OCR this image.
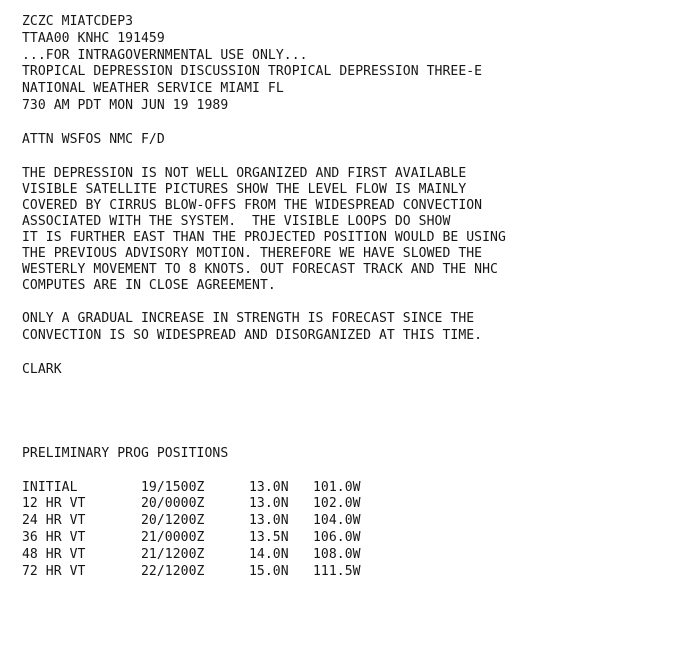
ZCZC MIATCDEP3
TTAA00 KNHC 191459
...FOR INTRAGOVERNMENTAL USE ONLY...
TROPICAL DEPRESSION DISCUSSION TROPICAL DEPRESSION THREE-E
NATIONAL WEATHER SERVICE MIAMI FL
730 AM PDT MON JUN 19 1989
ATTN WSFOS NMC F/D
THE DEPRESSION IS NOT WELL ORGANIZED AND FIRST AVAILABLE
VISIBLE SATELLITE PICTURES SHOW THE LEVEL FLOW IS MAINLY
COVERED BY CIRRUS BLOW-OFFS FROM THE WIDESPREAD CONVECTION
ASSOCIATED WITH THE SYSTEM.  THE VISIBLE LOOPS DO SHOW
IT IS FURTHER EAST THAN THE PROJECTED POSITION WOULD BE USING
THE PREVIOUS ADVISORY MOTION. THEREFORE WE HAVE SLOWED THE
WESTERLY MOVEMENT TO 8 KNOTS. OUT FORECAST TRACK AND THE NHC
COMPUTES ARE IN CLOSE AGREEMENT.
ONLY A GRADUAL INCREASE IN STRENGTH IS FORECAST SINCE THE
CONVECTION IS SO WIDESPREAD AND DISORGANIZED AT THIS TIME.
CLARK
PRELIMINARY PROG POSITIONS
INITIAL	19/1500Z	13.0N	101.0W
12 HR VT	20/0000Z	13.0N	102.0W
24 HR VT	20/1200Z	13.0N	104.0W
36 HR VT	21/0000Z	13.5N	106.0W
48 HR VT	21/1200Z	14.0N	108.0W
72 HR VT	22/1200Z	15.0N	111.5W
